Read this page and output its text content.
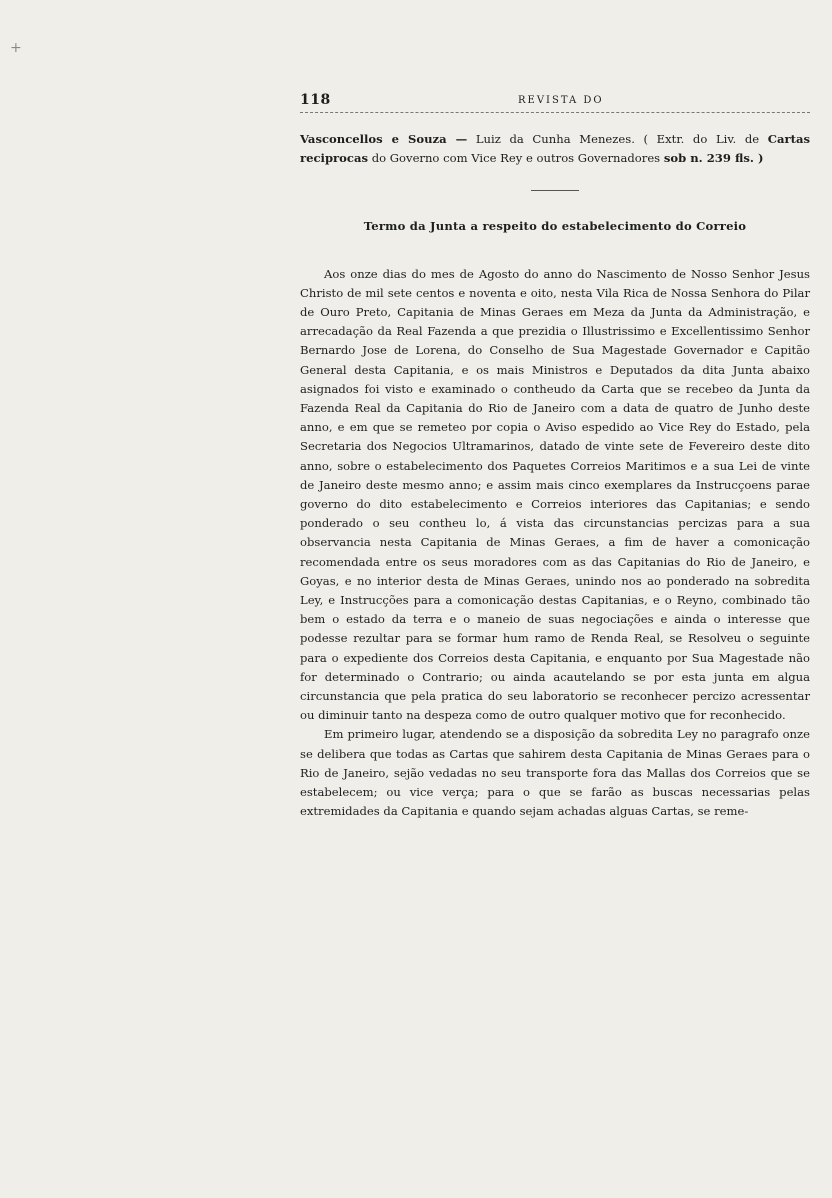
+
118	REVISTA DO

Vasconcellos e Souza — Luiz da Cunha Menezes. ( Extr. do Liv. de Cartas reciprocas do Governo com Vice Rey e outros Governadores sob n. 239 fls. )

Termo da Junta a respeito do estabelecimento do Correio

Aos onze dias do mes de Agosto do anno do Nascimento de Nosso Senhor Jesus Christo de mil sete centos e noventa e oito, nesta Vila Rica de Nossa Senhora do Pilar de Ouro Preto, Capitania de Minas Geraes em Meza da Junta da Administração, e arrecadação da Real Fazenda a que prezidia o Illustrissimo e Excellentissimo Senhor Bernardo Jose de Lorena, do Conselho de Sua Magestade Governador e Capitão General desta Capitania, e os mais Ministros e Deputados da dita Junta abaixo asignados foi visto e examinado o contheudo da Carta que se recebeo da Junta da Fazenda Real da Capitania do Rio de Janeiro com a data de quatro de Junho deste anno, e em que se remeteo por copia o Aviso espedido ao Vice Rey do Estado, pela Secretaria dos Negocios Ultramarinos, datado de vinte sete de Fevereiro deste dito anno, sobre o estabelecimento dos Paquetes Correios Maritimos e a sua Lei de vinte de Janeiro deste mesmo anno; e assim mais cinco exemplares da Instrucçoens parae governo do dito estabelecimento e Correios interiores das Capitanias; e sendo ponderado o seu contheu lo, á vista das circunstancias percizas para a sua observancia nesta Capitania de Minas Geraes, a fim de haver a comonicação recomendada entre os seus moradores com as das Capitanias do Rio de Janeiro, e Goyas, e no interior desta de Minas Geraes, unindo nos ao ponderado na sobredita Ley, e Instrucções para a comonicação destas Capitanias, e o Reyno, combinado tão bem o estado da terra e o maneio de suas negociações e ainda o interesse que podesse rezultar para se formar hum ramo de Renda Real, se Resolveu o seguinte para o expediente dos Correios desta Capitania, e enquanto por Sua Magestade não for determinado o Contrario; ou ainda acautelando se por esta junta em algua circunstancia que pela pratica do seu laboratorio se reconhecer percizo acressentar ou diminuir tanto na despeza como de outro qualquer motivo que for reconhecido.

Em primeiro lugar, atendendo se a disposição da sobredita Ley no paragrafo onze se delibera que todas as Cartas que sahirem desta Capitania de Minas Geraes para o Rio de Janeiro, sejão vedadas no seu transporte fora das Mallas dos Correios que se estabelecem; ou vice verça; para o que se farão as buscas necessarias pelas extremidades da Capitania e quando sejam achadas alguas Cartas, se reme-
